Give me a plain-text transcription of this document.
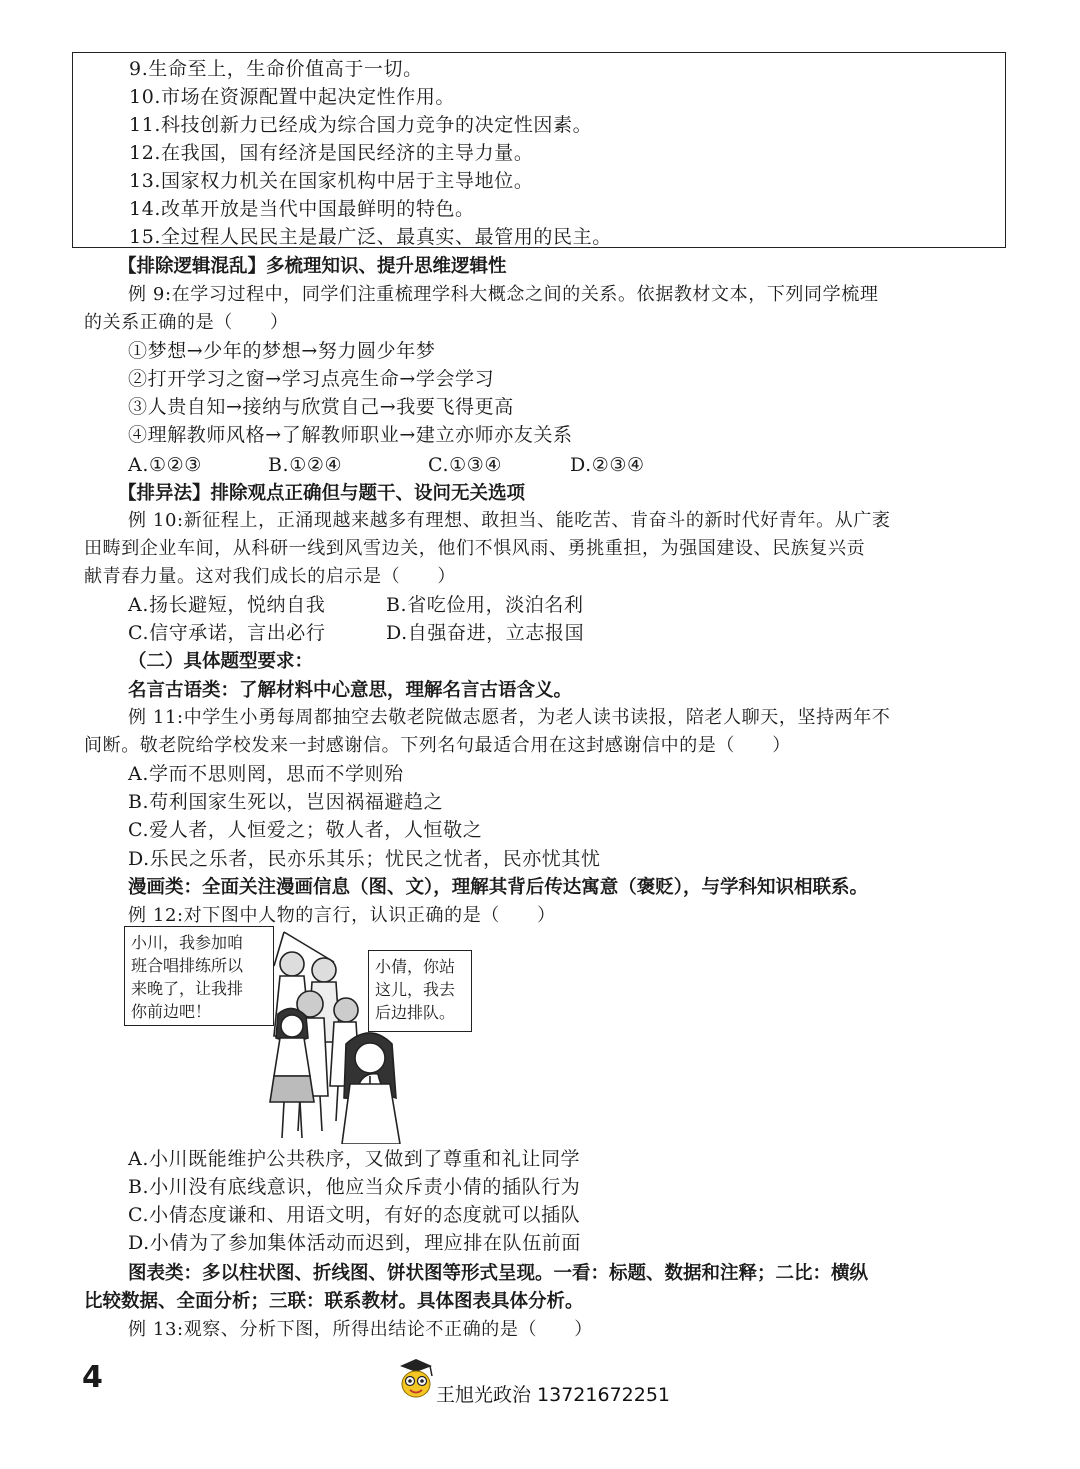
9.生命至上，生命价值高于一切。
10.市场在资源配置中起决定性作用。
11.科技创新力已经成为综合国力竞争的决定性因素。
12.在我国，国有经济是国民经济的主导力量。
13.国家权力机关在国家机构中居于主导地位。
14.改革开放是当代中国最鲜明的特色。
15.全过程人民民主是最广泛、最真实、最管用的民主。
【排除逻辑混乱】多梳理知识、提升思维逻辑性
例 9:在学习过程中，同学们注重梳理学科大概念之间的关系。依据教材文本，下列同学梳理
的关系正确的是（　　）
①梦想→少年的梦想→努力圆少年梦
②打开学习之窗→学习点亮生命→学会学习
③人贵自知→接纳与欣赏自己→我要飞得更高
④理解教师风格→了解教师职业→建立亦师亦友关系
A.①②③	B.①②④	C.①③④	D.②③④
【排异法】排除观点正确但与题干、设问无关选项
例 10:新征程上，正涌现越来越多有理想、敢担当、能吃苦、肯奋斗的新时代好青年。从广袤
田畴到企业车间，从科研一线到风雪边关，他们不惧风雨、勇挑重担，为强国建设、民族复兴贡
献青春力量。这对我们成长的启示是（　　）
A.扬长避短，悦纳自我	B.省吃俭用，淡泊名利
C.信守承诺，言出必行	D.自强奋进，立志报国
（二）具体题型要求：
名言古语类：了解材料中心意思，理解名言古语含义。
例 11:中学生小勇每周都抽空去敬老院做志愿者，为老人读书读报，陪老人聊天，坚持两年不
间断。敬老院给学校发来一封感谢信。下列名句最适合用在这封感谢信中的是（　　）
A.学而不思则罔，思而不学则殆
B.苟利国家生死以，岂因祸福避趋之
C.爱人者，人恒爱之；敬人者，人恒敬之
D.乐民之乐者，民亦乐其乐；忧民之忧者，民亦忧其忧
漫画类：全面关注漫画信息（图、文），理解其背后传达寓意（褒贬），与学科知识相联系。
例 12:对下图中人物的言行，认识正确的是（　　）
小川，我参加咱
班合唱排练所以
来晚了，让我排
你前边吧！
小倩，你站
这儿，我去
后边排队。
A.小川既能维护公共秩序，又做到了尊重和礼让同学
B.小川没有底线意识，他应当众斥责小倩的插队行为
C.小倩态度谦和、用语文明，有好的态度就可以插队
D.小倩为了参加集体活动而迟到，理应排在队伍前面
图表类：多以柱状图、折线图、饼状图等形式呈现。一看：标题、数据和注释；二比：横纵
比较数据、全面分析；三联：联系教材。具体图表具体分析。
例 13:观察、分析下图，所得出结论不正确的是（　　）
4	王旭光政治 13721672251
